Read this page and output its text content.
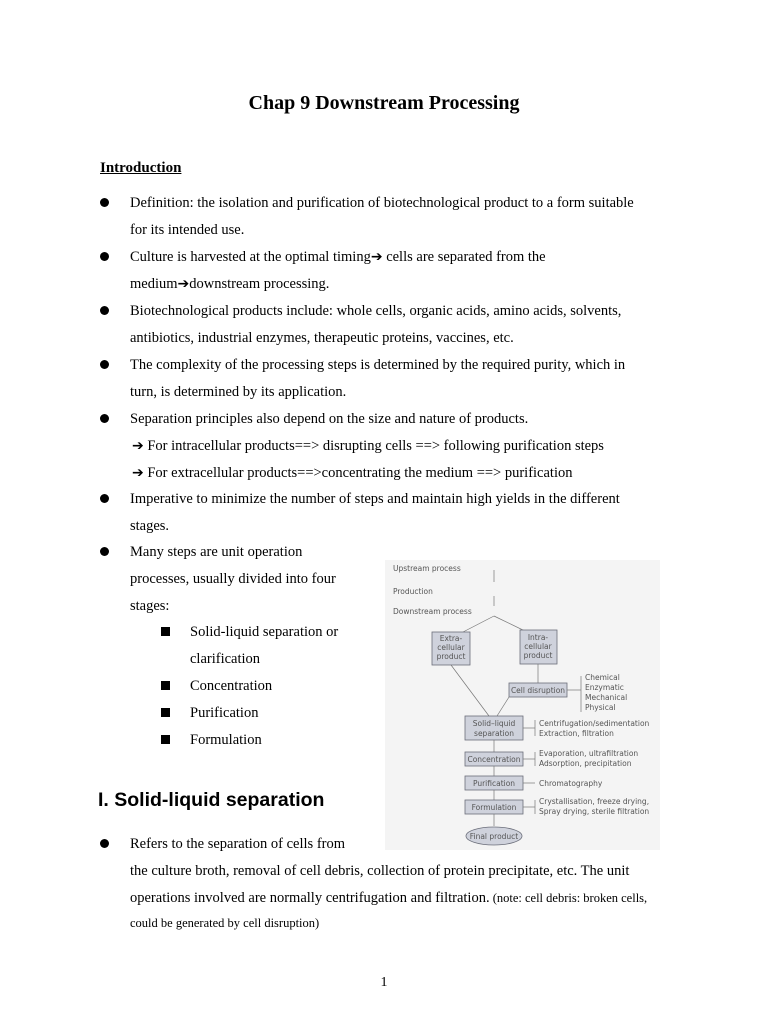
Chap 9 Downstream Processing
Introduction
Definition: the isolation and purification of biotechnological product to a form suitable
for its intended use.
Culture is harvested at the optimal timing➔ cells are separated from the
medium➔downstream processing.
Biotechnological products include: whole cells, organic acids, amino acids, solvents,
antibiotics, industrial enzymes, therapeutic proteins, vaccines, etc.
The complexity of the processing steps is determined by the required purity, which in
turn, is determined by its application.
Separation principles also depend on the size and nature of products.
➔ For intracellular products==> disrupting cells ==> following purification steps
➔ For extracellular products==>concentrating the medium ==> purification
Imperative to minimize the number of steps and maintain high yields in the different
stages.
Many steps are unit operation
processes, usually divided into four
stages:
Solid-liquid separation or
clarification
Concentration
Purification
Formulation
I. Solid-liquid separation
Refers to the separation of cells from
the culture broth, removal of cell debris, collection of protein precipitate, etc. The unit
operations involved are normally centrifugation and filtration. (note: cell debris: broken cells,
could be generated by cell disruption)
Upstream process
Production
Downstream process
Extra-
cellular
product
Intra-
cellular
product
Cell disruption
Chemical
Enzymatic
Mechanical
Physical
Solid–liquid
separation
Centrifugation/sedimentation
Extraction, filtration
Concentration
Evaporation, ultrafiltration
Adsorption, precipitation
Purification	Chromatography
Formulation
Crystallisation, freeze drying,
Spray drying, sterile filtration
Final product
1
